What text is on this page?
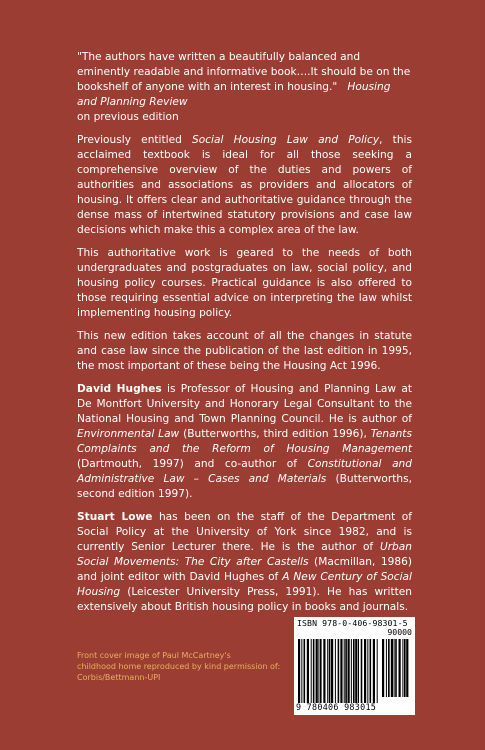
"The authors have written a beautifully balanced and eminently readable and informative book….It should be on the bookshelf of anyone with an interest in housing." Housing and Planning Review
on previous edition

Previously entitled Social Housing Law and Policy, this acclaimed textbook is ideal for all those seeking a comprehensive overview of the duties and powers of authorities and associations as providers and allocators of housing. It offers clear and authoritative guidance through the dense mass of intertwined statutory provisions and case law decisions which make this a complex area of the law.

This authoritative work is geared to the needs of both undergraduates and postgraduates on law, social policy, and housing policy courses. Practical guidance is also offered to those requiring essential advice on interpreting the law whilst implementing housing policy.

This new edition takes account of all the changes in statute and case law since the publication of the last edition in 1995, the most important of these being the Housing Act 1996.

David Hughes is Professor of Housing and Planning Law at De Montfort University and Honorary Legal Consultant to the National Housing and Town Planning Council. He is author of Environmental Law (Butterworths, third edition 1996), Tenants Complaints and the Reform of Housing Management (Dartmouth, 1997) and co-author of Constitutional and Administrative Law – Cases and Materials (Butterworths, second edition 1997).

Stuart Lowe has been on the staff of the Department of Social Policy at the University of York since 1982, and is currently Senior Lecturer there. He is the author of Urban Social Movements: The City after Castells (Macmillan, 1986) and joint editor with David Hughes of A New Century of Social Housing (Leicester University Press, 1991). He has written extensively about British housing policy in books and journals.

Front cover image of Paul McCartney's
childhood home reproduced by kind permission of:
Corbis/Bettmann-UPI
ISBN 978-0-406-98301-5
90000
9 780406 983015
